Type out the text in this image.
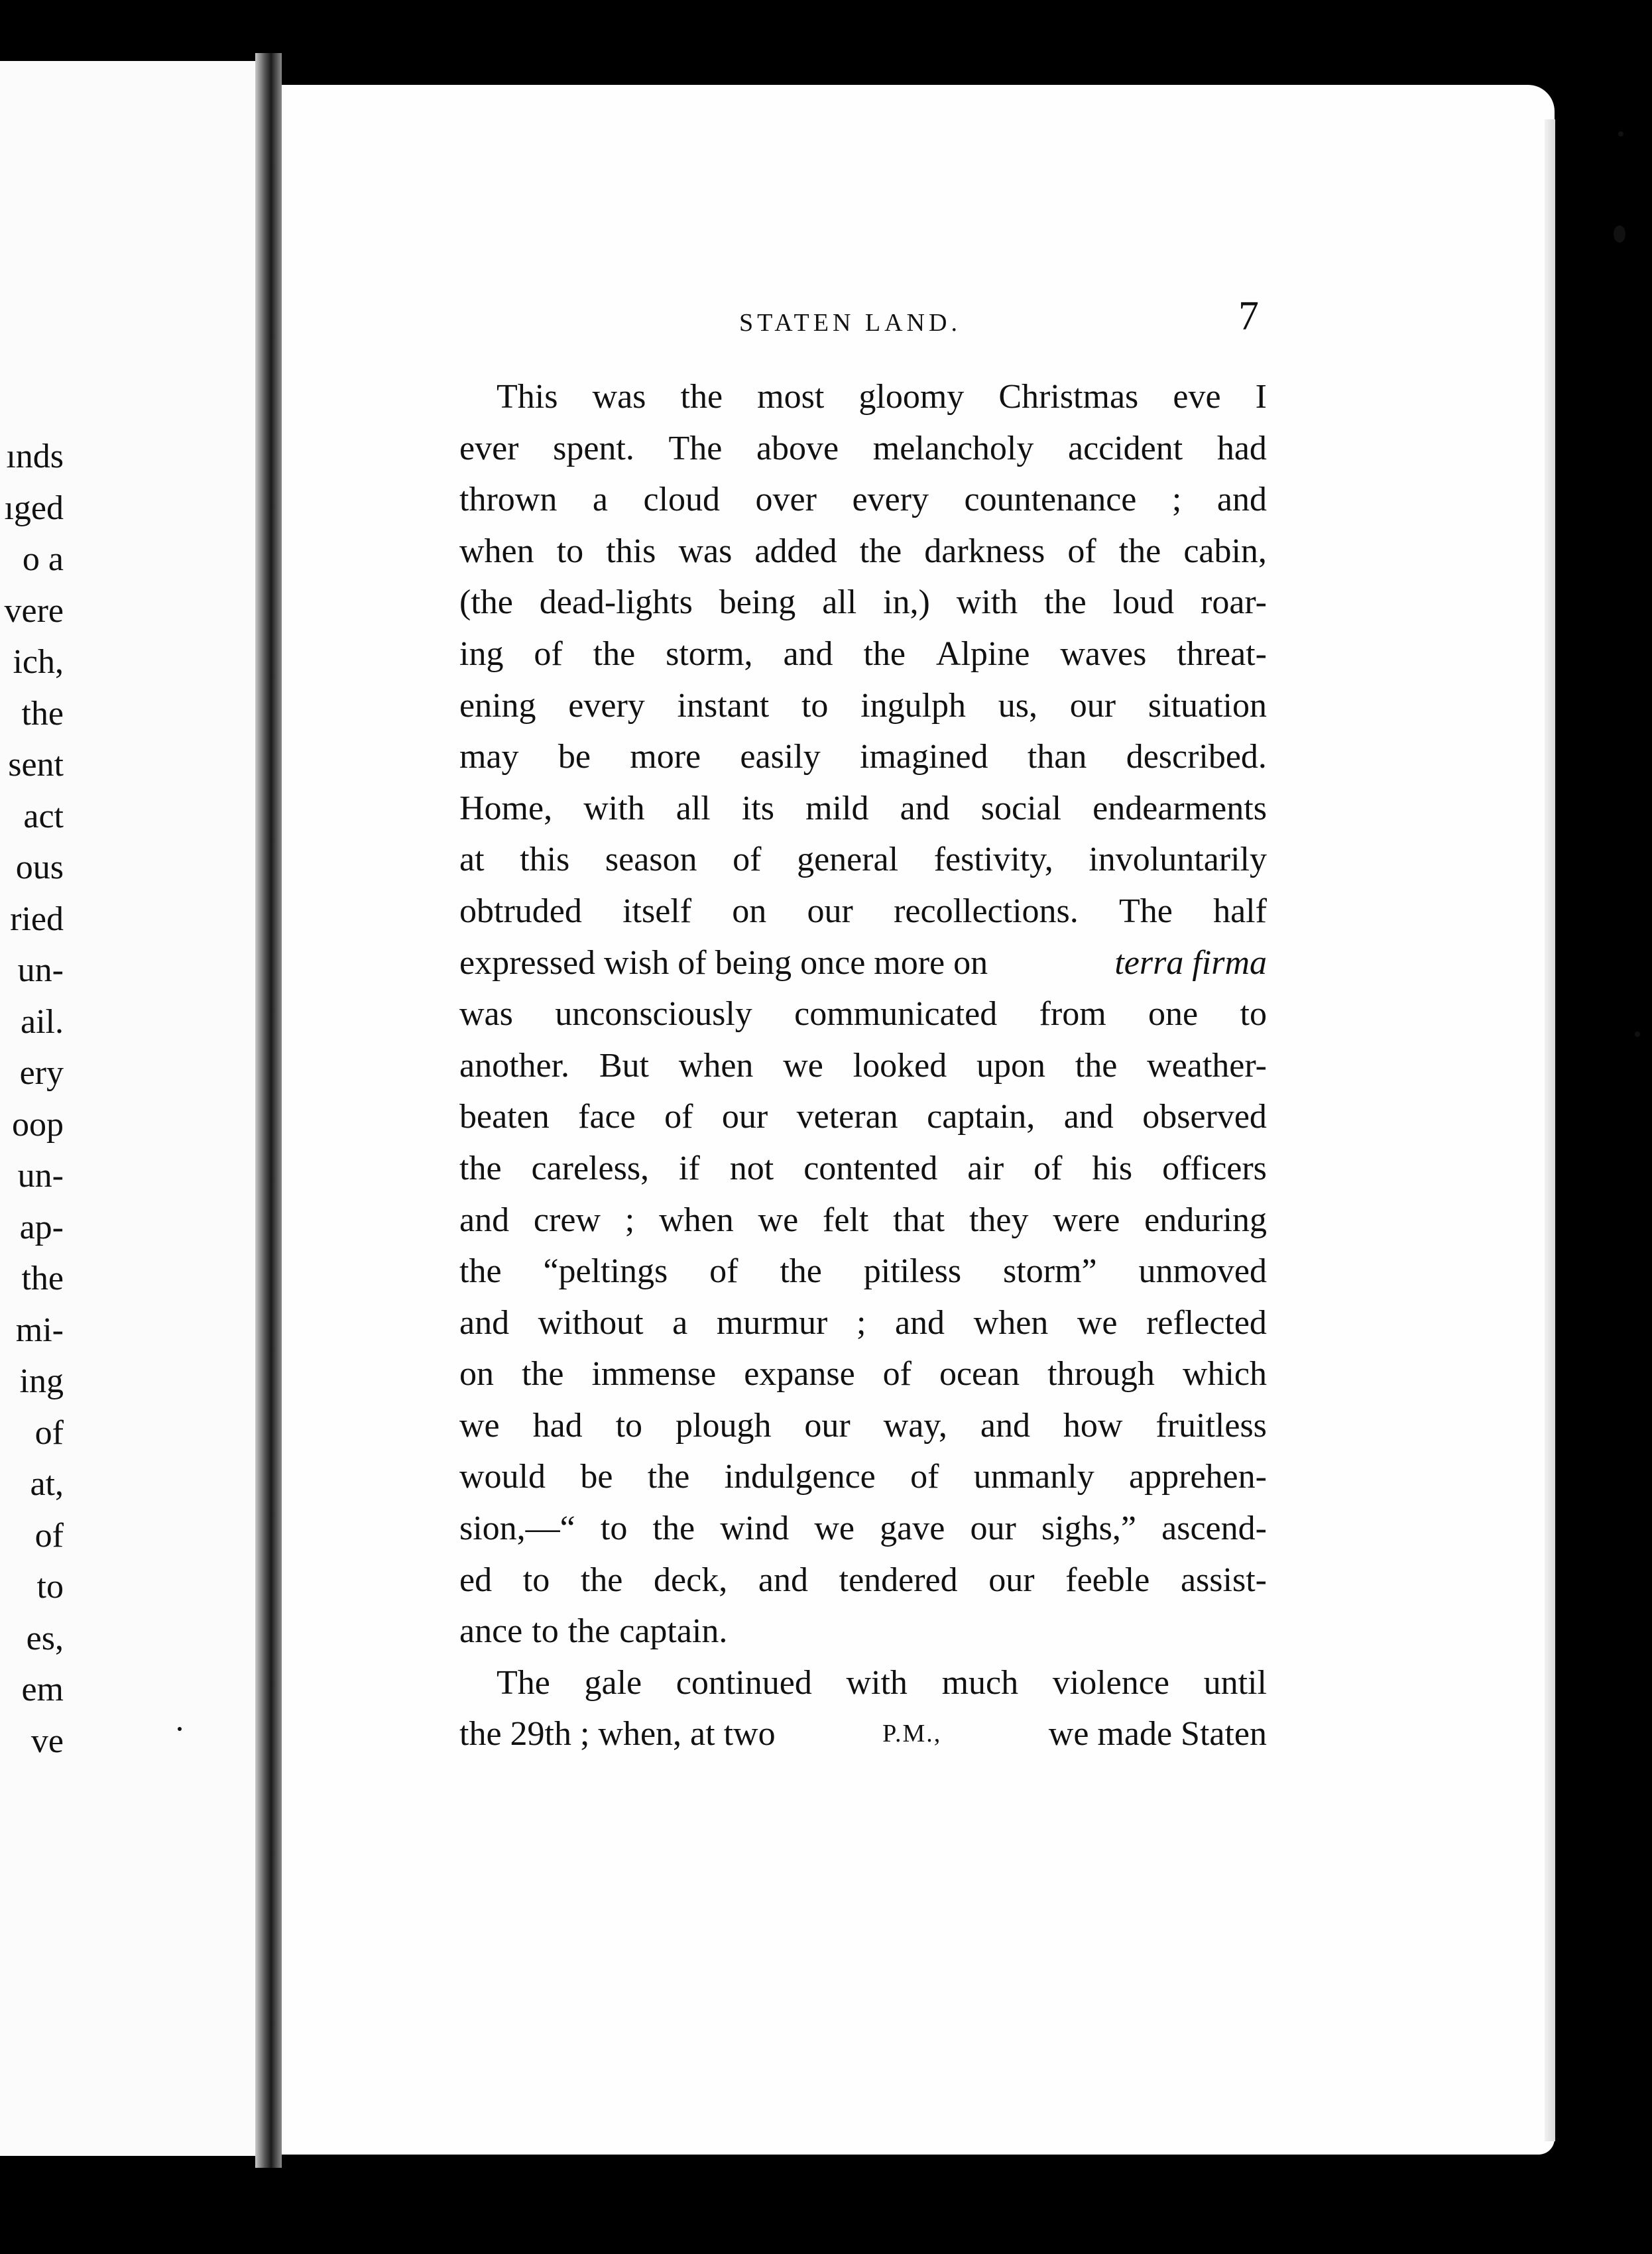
ınds
ıged
o a
vere
ich,
the
sent
act
ous
ried
un-
ail.
ery
oop
un-
ap-
the
mi-
ing
of
at,
of
to
es,
em
ve
STATEN LAND.	7
This was the most gloomy Christmas eve I
ever spent. The above melancholy accident had
thrown a cloud over every countenance ; and
when to this was added the darkness of the cabin,
(the dead-lights being all in,) with the loud roar-
ing of the storm, and the Alpine waves threat-
ening every instant to ingulph us, our situation
may be more easily imagined than described.
Home, with all its mild and social endearments
at this season of general festivity, involuntarily
obtruded itself on our recollections. The half
expressed wish of being once more on	terra firma
was unconsciously communicated from one to
another. But when we looked upon the weather-
beaten face of our veteran captain, and observed
the careless, if not contented air of his officers
and crew ; when we felt that they were enduring
the “peltings of the pitiless storm” unmoved
and without a murmur ; and when we reflected
on the immense expanse of ocean through which
we had to plough our way, and how fruitless
would be the indulgence of unmanly apprehen-
sion,—“ to the wind we gave our sighs,” ascend-
ed to the deck, and tendered our feeble assist-
ance to the captain.
The gale continued with much violence until
the 29th ; when, at two	P.M.,	we made Staten
